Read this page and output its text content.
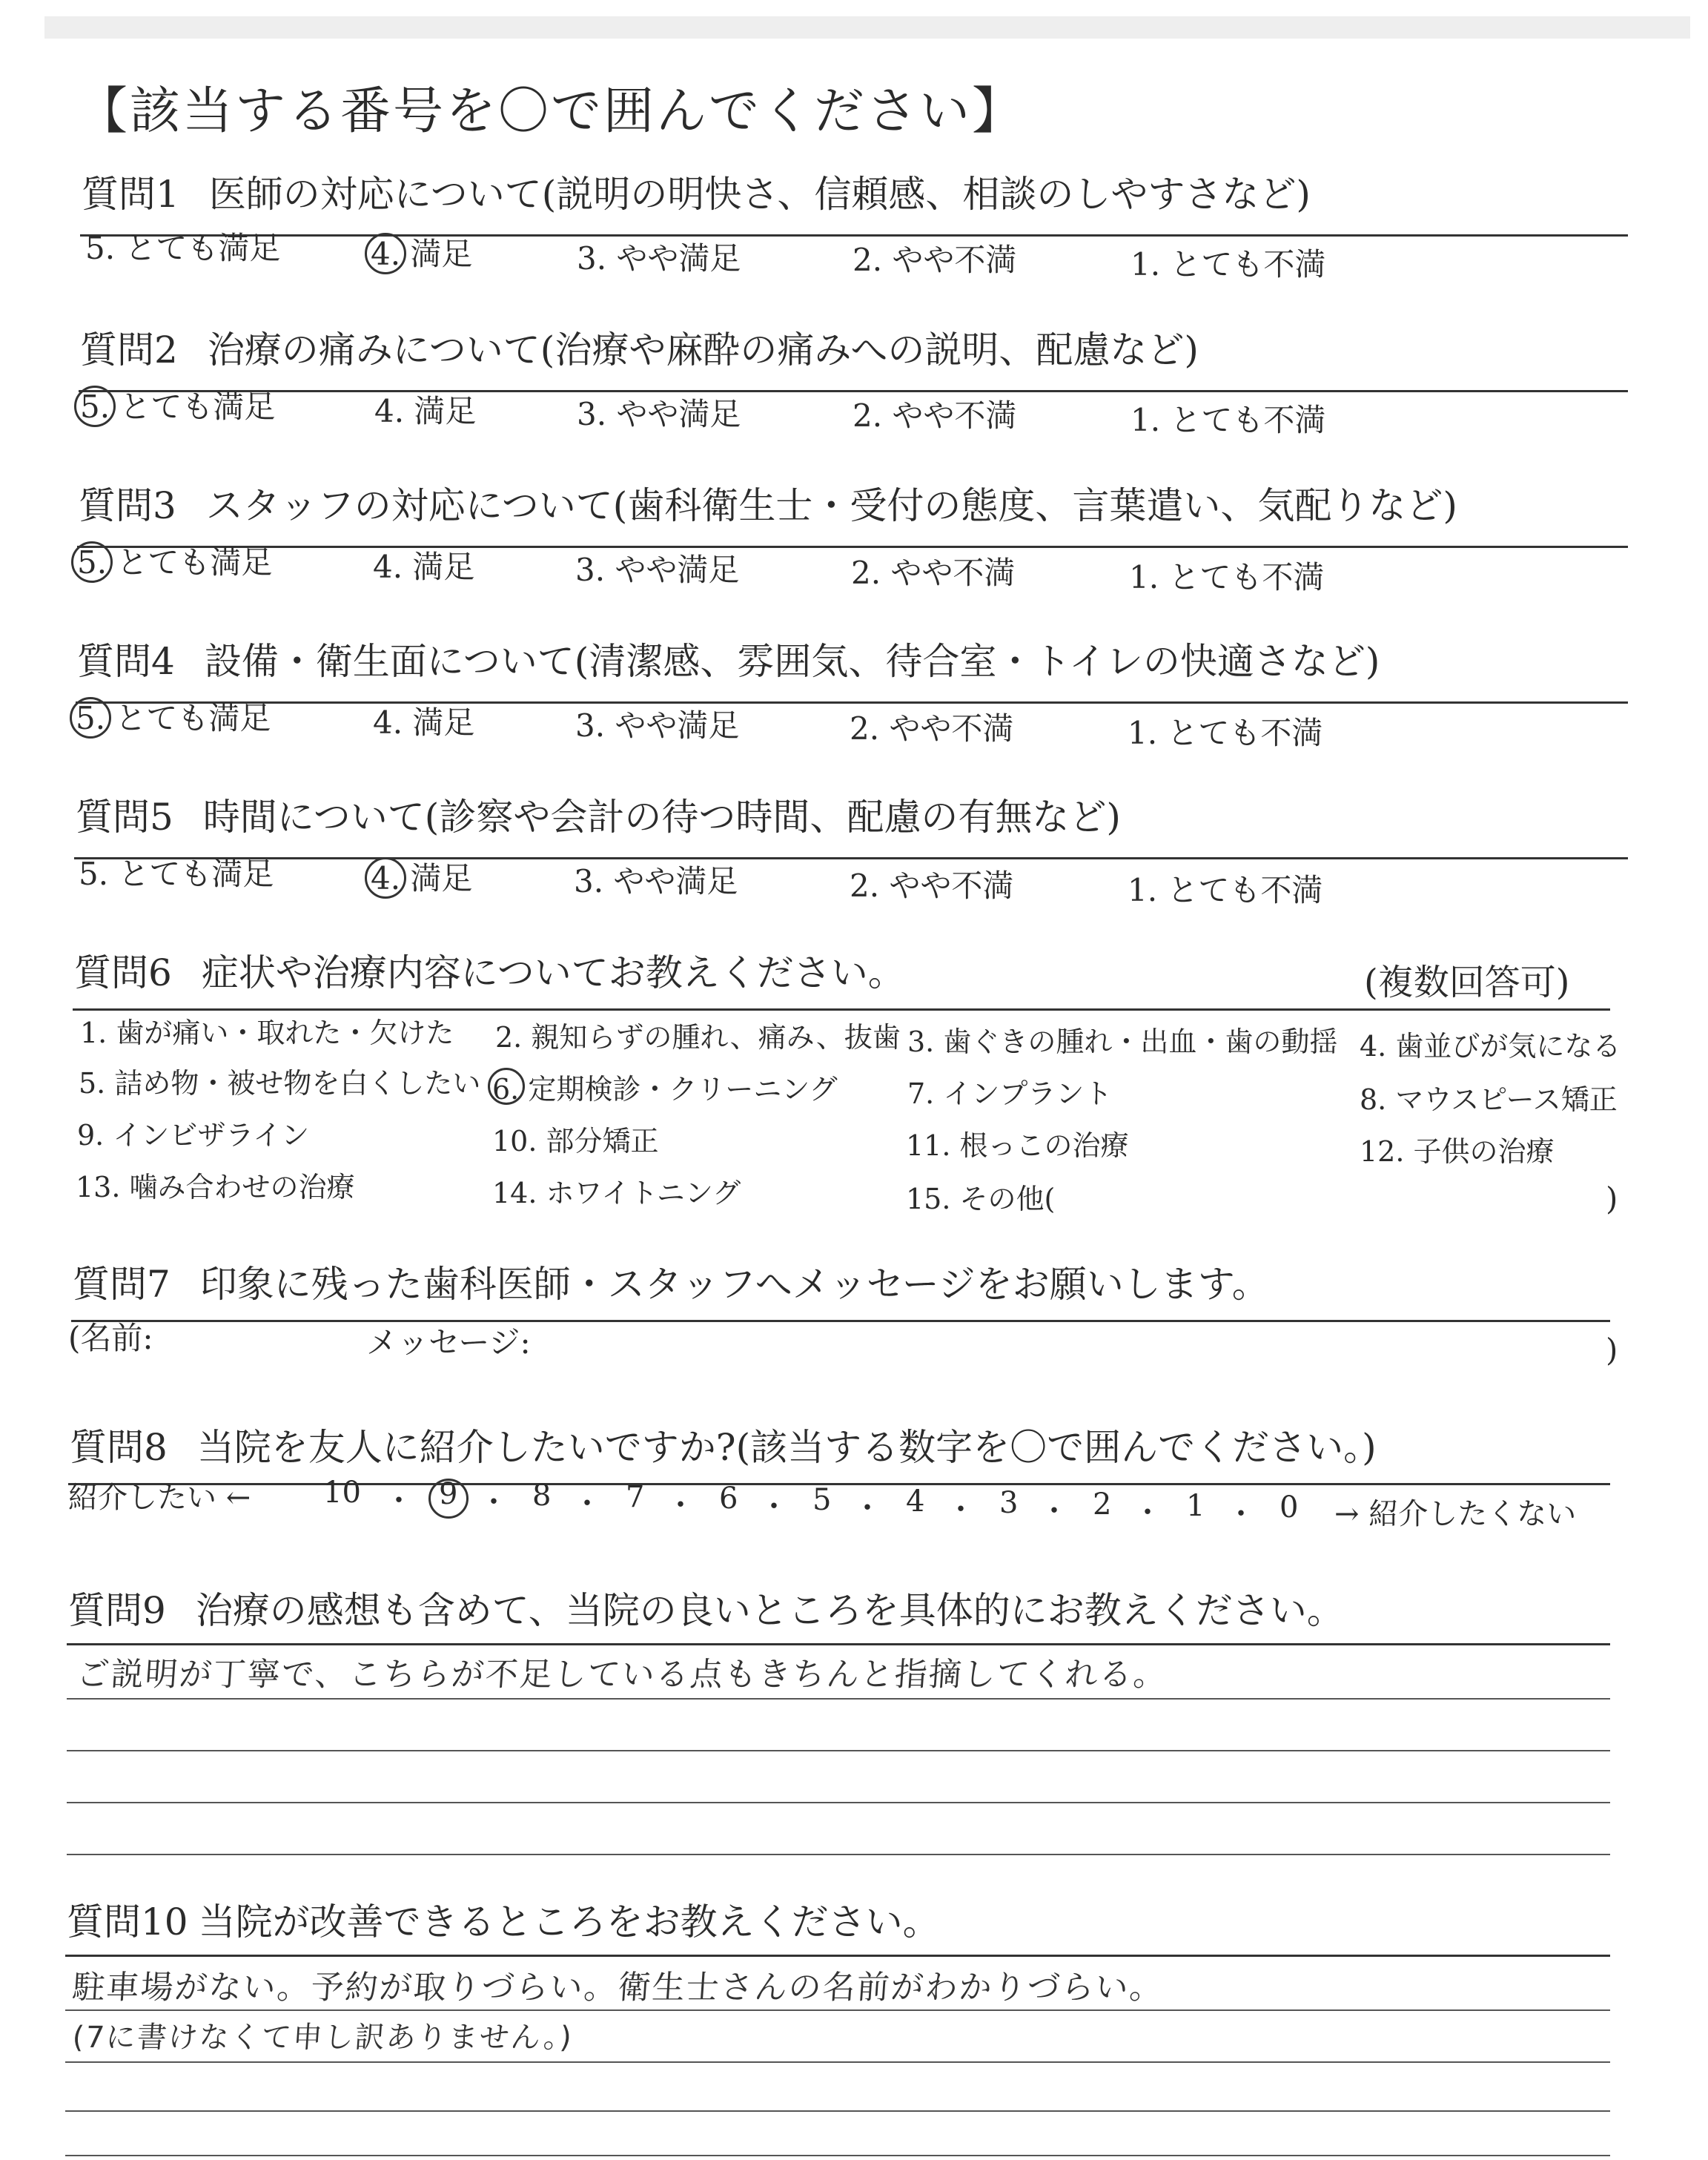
【該当する番号を〇で囲んでください】
質問1 医師の対応について(説明の明快さ、信頼感、相談のしやすさなど)
5. とても満足	4. 満足	3. やや満足	2. やや不満	1. とても不満
質問2 治療の痛みについて(治療や麻酔の痛みへの説明、配慮など)
5. とても満足	4. 満足	3. やや満足	2. やや不満	1. とても不満
質問3 スタッフの対応について(歯科衛生士・受付の態度、言葉遣い、気配りなど)
5. とても満足	4. 満足	3. やや満足	2. やや不満	1. とても不満
質問4 設備・衛生面について(清潔感、雰囲気、待合室・トイレの快適さなど)
5. とても満足	4. 満足	3. やや満足	2. やや不満	1. とても不満
質問5 時間について(診察や会計の待つ時間、配慮の有無など)
5. とても満足	4. 満足	3. やや満足	2. やや不満	1. とても不満
質問6 症状や治療内容についてお教えください。	(複数回答可)
1. 歯が痛い・取れた・欠けた 2. 親知らずの腫れ、痛み、抜歯 3. 歯ぐきの腫れ・出血・歯の動揺 4. 歯並びが気になる
5. 詰め物・被せ物を白くしたい 6. 定期検診・クリーニング 7. インプラント	8. マウスピース矯正
9. インビザライン	10. 部分矯正	11. 根っこの治療	12. 子供の治療
13. 噛み合わせの治療	14. ホワイトニング	15. その他(	)
質問7 印象に残った歯科医師・スタッフへメッセージをお願いします。
(名前:	メッセージ:	)
質問8 当院を友人に紹介したいですか?(該当する数字を〇で囲んでください。)
紹介したい ← 10 ・ 9 ・ 8 ・ 7 ・ 6 ・ 5 ・ 4 ・ 3 ・ 2 ・ 1 ・ 0 → 紹介したくない
質問9 治療の感想も含めて、当院の良いところを具体的にお教えください。
ご説明が丁寧で、こちらが不足している点もきちんと指摘してくれる。
質問10 当院が改善できるところをお教えください。
駐車場がない。予約が取りづらい。衛生士さんの名前がわかりづらい。
(7に書けなくて申し訳ありません。)
